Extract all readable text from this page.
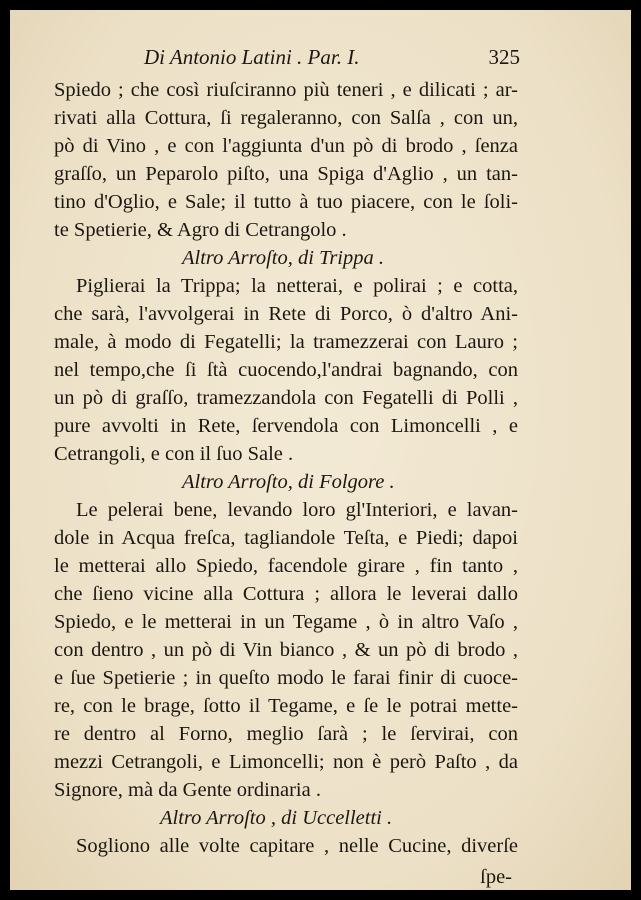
Di Antonio Latini . Par. I.	325
Spiedo ; che così riuſciranno più teneri , e dilicati ; ar-
rivati alla Cottura, ſi regaleranno, con Salſa , con un,
pò di Vino , e con l'aggiunta d'un pò di brodo , ſenza
graſſo, un Peparolo piſto, una Spiga d'Aglio , un tan-
tino d'Oglio, e Sale; il tutto à tuo piacere, con le ſoli-
te Spetierie, & Agro di Cetrangolo .
Altro Arroſto, di Trippa .
Piglierai la Trippa; la netterai, e polirai ; e cotta,
che sarà, l'avvolgerai in Rete di Porco, ò d'altro Ani-
male, à modo di Fegatelli; la tramezzerai con Lauro ;
nel tempo,che ſi ſtà cuocendo,l'andrai bagnando, con
un pò di graſſo, tramezzandola con Fegatelli di Polli ,
pure avvolti in Rete, ſervendola con Limoncelli , e
Cetrangoli, e con il ſuo Sale .
Altro Arroſto, di Folgore .
Le pelerai bene, levando loro gl'Interiori, e lavan-
dole in Acqua freſca, tagliandole Teſta, e Piedi; dapoi
le metterai allo Spiedo, facendole girare , fin tanto ,
che ſieno vicine alla Cottura ; allora le leverai dallo
Spiedo, e le metterai in un Tegame , ò in altro Vaſo ,
con dentro , un pò di Vin bianco , & un pò di brodo ,
e ſue Spetierie ; in queſto modo le farai finir di cuoce-
re, con le brage, ſotto il Tegame, e ſe le potrai mette-
re dentro al Forno, meglio ſarà ; le ſervirai, con
mezzi Cetrangoli, e Limoncelli; non è però Paſto , da
Signore, mà da Gente ordinaria .
Altro Arroſto , di Uccelletti .
Sogliono alle volte capitare , nelle Cucine, diverſe
ſpe-
